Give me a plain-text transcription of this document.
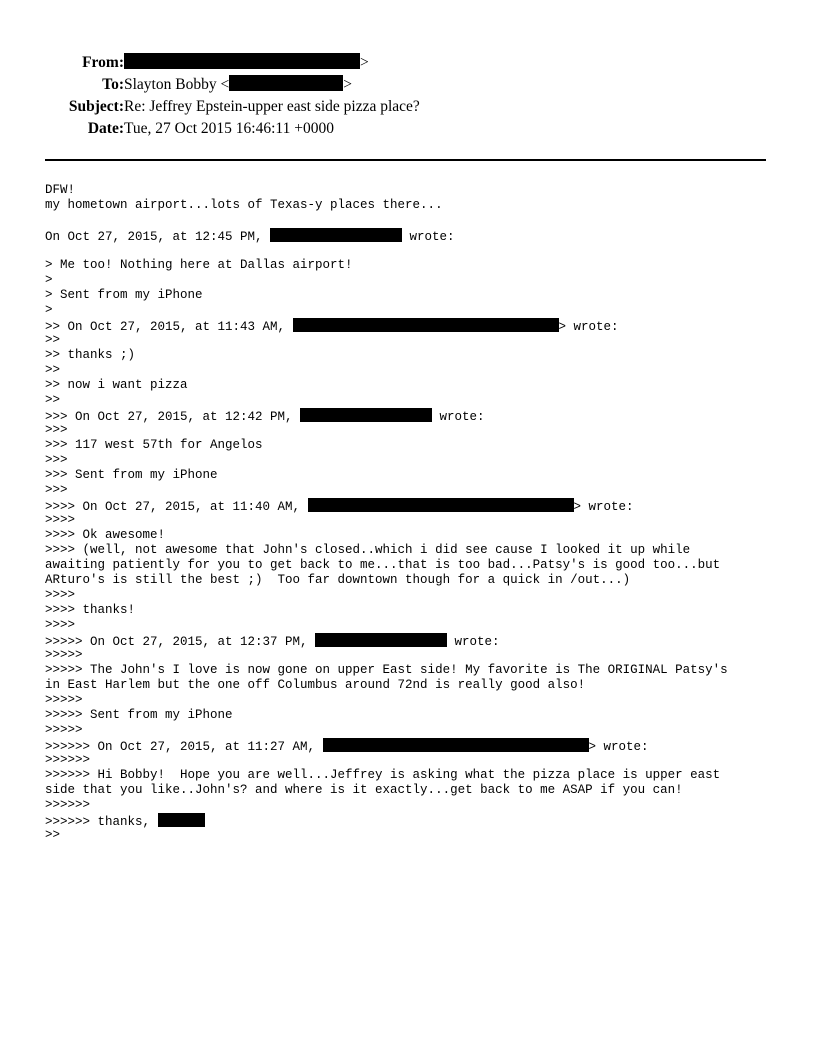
From:	>
To: Slayton Bobby <	>
Subject: Re: Jeffrey Epstein-upper east side pizza place?
Date: Tue, 27 Oct 2015 16:46:11 +0000
DFW!
my hometown airport...lots of Texas-y places there...
On Oct 27, 2015, at 12:45 PM,	wrote:
> Me too! Nothing here at Dallas airport!
>
> Sent from my iPhone
>
>> On Oct 27, 2015, at 11:43 AM,	> wrote:
>>
>> thanks ;)
>>
>> now i want pizza
>>
>>> On Oct 27, 2015, at 12:42 PM,	wrote:
>>>
>>> 117 west 57th for Angelos
>>>
>>> Sent from my iPhone
>>>
>>>> On Oct 27, 2015, at 11:40 AM,	> wrote:
>>>>
>>>> Ok awesome!
>>>> (well, not awesome that John's closed..which i did see cause I looked it up while
awaiting patiently for you to get back to me...that is too bad...Patsy's is good too...but
ARturo's is still the best ;)  Too far downtown though for a quick in /out...)
>>>>
>>>> thanks!
>>>>
>>>>> On Oct 27, 2015, at 12:37 PM,	wrote:
>>>>>
>>>>> The John's I love is now gone on upper East side! My favorite is The ORIGINAL Patsy's
in East Harlem but the one off Columbus around 72nd is really good also!
>>>>>
>>>>> Sent from my iPhone
>>>>>
>>>>>> On Oct 27, 2015, at 11:27 AM,	> wrote:
>>>>>>
>>>>>> Hi Bobby!  Hope you are well...Jeffrey is asking what the pizza place is upper east
side that you like..John's? and where is it exactly...get back to me ASAP if you can!
>>>>>>
>>>>>> thanks,
>>
